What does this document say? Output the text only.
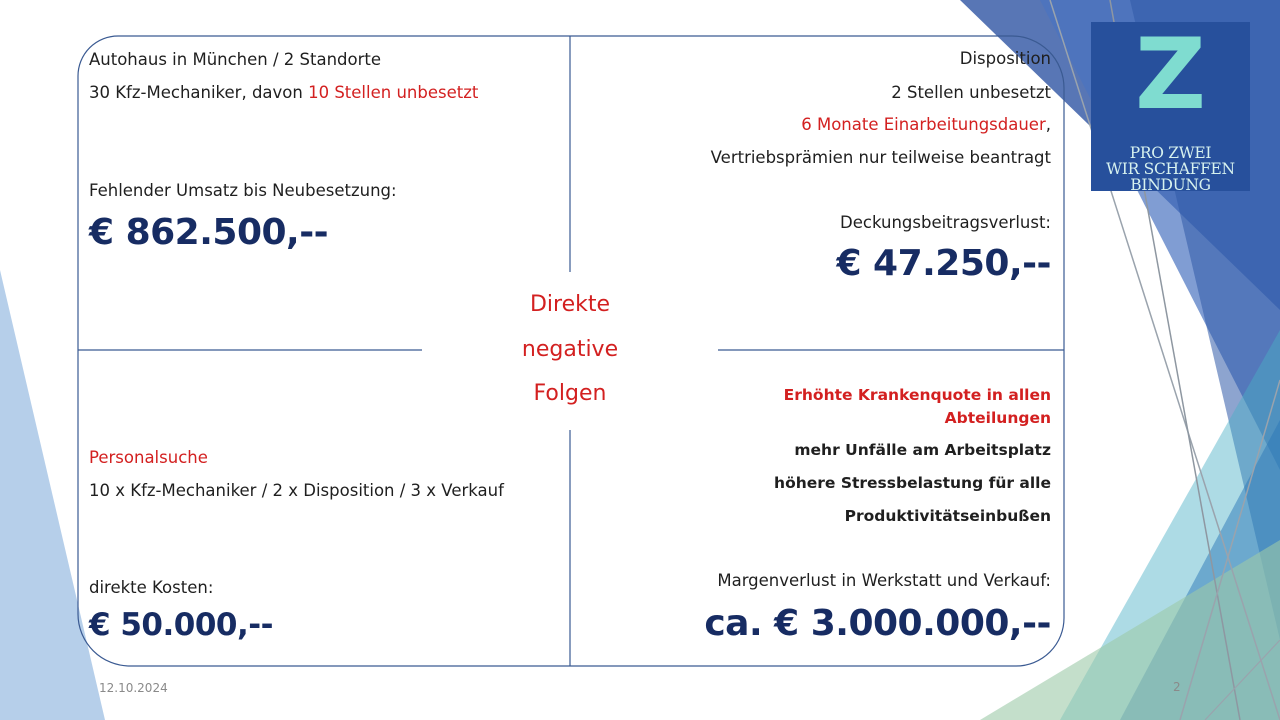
Z
PRO ZWEI
WIR SCHAFFEN
BINDUNG

Autohaus in München / 2 Standorte

30 Kfz-Mechaniker, davon 10 Stellen unbesetzt

Fehlender Umsatz bis Neubesetzung:

€ 862.500,--

Disposition

2 Stellen unbesetzt

6 Monate Einarbeitungsdauer,

Vertriebsprämien nur teilweise beantragt

Deckungsbeitragsverlust:

€ 47.250,--

Direkte
negative
Folgen

Personalsuche

10 x Kfz-Mechaniker / 2 x Disposition / 3 x Verkauf

direkte Kosten:

€ 50.000,--

Erhöhte Krankenquote in allen

Abteilungen

mehr Unfälle am Arbeitsplatz

höhere Stressbelastung für alle

Produktivitätseinbußen

Margenverlust in Werkstatt und Verkauf:

ca. € 3.000.000,--

12.10.2024	2
